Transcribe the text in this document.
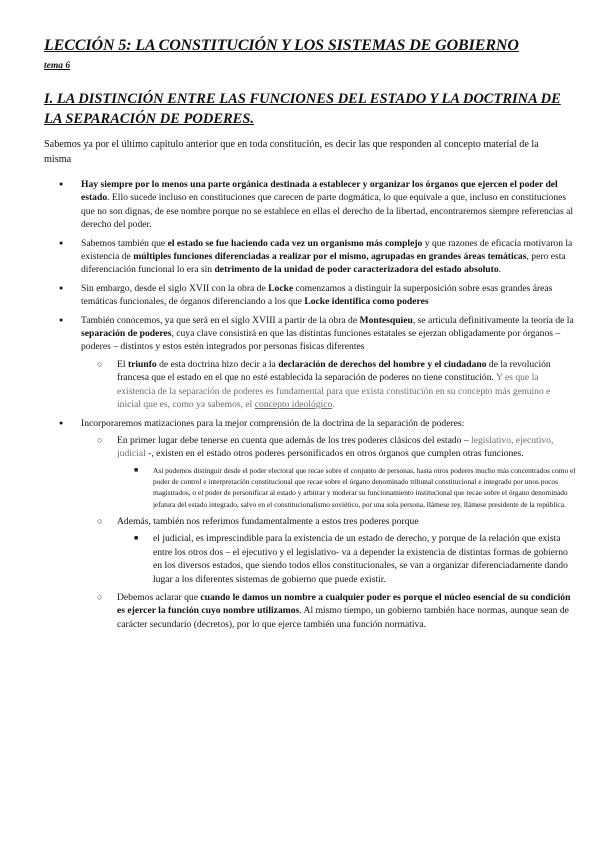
LECCIÓN 5: LA CONSTITUCIÓN Y LOS SISTEMAS DE GOBIERNO

tema 6

I. LA DISTINCIÓN ENTRE LAS FUNCIONES DEL ESTADO Y LA DOCTRINA DE LA SEPARACIÓN DE PODERES.

Sabemos ya por el último capitulo anterior que en toda constitución, es decir las que responden al concepto material de la misma

● Hay siempre por lo menos una parte orgánica destinada a establecer y organizar los órganos que ejercen el poder del estado. Ello sucede incluso en constituciones que carecen de parte dogmática, lo que equivale a que, incluso en constituciones que no son dignas, de ese nombre porque no se establece en ellas el derecho de la libertad, encontraremos siempre referencias al derecho del poder.
● Sabemos también que el estado se fue haciendo cada vez un organismo más complejo y que razones de eficacia motivaron la existencia de múltiples funciones diferenciadas a realizar por el mismo, agrupadas en grandes áreas temáticas, pero esta diferenciación funcional lo era sin detrimento de la unidad de poder caracterizadora del estado absoluto.
● Sin embargo, desde el siglo XVII con la obra de Locke comenzamos a distinguir la superposición sobre esas grandes áreas temáticas funcionales, de órganos diferenciando a los que Locke identifica como poderes
● También conocemos, ya que será en el siglo XVIII a partir de la obra de Montesquieu, se articula definitivamente la teoría de la separación de poderes, cuya clave consistirá en que las distintas funciones estatales se ejerzan obligadamente por órganos – poderes – distintos y estos estén integrados por personas físicas diferentes
○ El triunfo de esta doctrina hizo decir a la declaración de derechos del hombre y el ciudadano de la revolución francesa que el estado en el que no esté establecida la separación de poderes no tiene constitución. Y es que la existencia de la separación de poderes es fundamental para que exista constitución en su concepto más genuino e inicial que es, como ya sabemos, el concepto ideológico.
● Incorporaremos matizaciones para la mejor comprensión de la doctrina de la separación de poderes:
○ En primer lugar debe tenerse en cuenta que además de los tres poderes clásicos del estado – legislativo, ejecutivo, judicial -, existen en el estado otros poderes personificados en otros órganos que cumplen otras funciones.
■ Así podemos distinguir desde el poder electoral que recae sobre el conjunto de personas, hasta otros poderes mucho más concentrados como el poder de control e interpretación constitucional que recae sobre el órgano denominado tribunal constitucional e integrado por unos pocos magistrados, o el poder de personificar al estado y arbitrar y moderar su funcionamiento institucional que recae sobre el órgano denominado jefatura del estado integrado, salvo en el constitucionalismo soviético, por una sola persona, llámese rey, llámese presidente de la república.
○ Además, también nos referimos fundamentalmente a estos tres poderes porque
■ el judicial, es imprescindible para la existencia de un estado de derecho, y porque de la relación que exista entre los otros dos – el ejecutivo y el legislativo- va a depender la existencia de distintas formas de gobierno en los diversos estados, que siendo todos ellos constitucionales, se van a organizar diferenciadamente dando lugar a los diferentes sistemas de gobierno que puede existir.
○ Debemos aclarar que cuando le damos un nombre a cualquier poder es porque el núcleo esencial de su condición es ejercer la función cuyo nombre utilizamos. Al mismo tiempo, un gobierno también hace normas, aunque sean de carácter secundario (decretos), por lo que ejerce también una función normativa.
